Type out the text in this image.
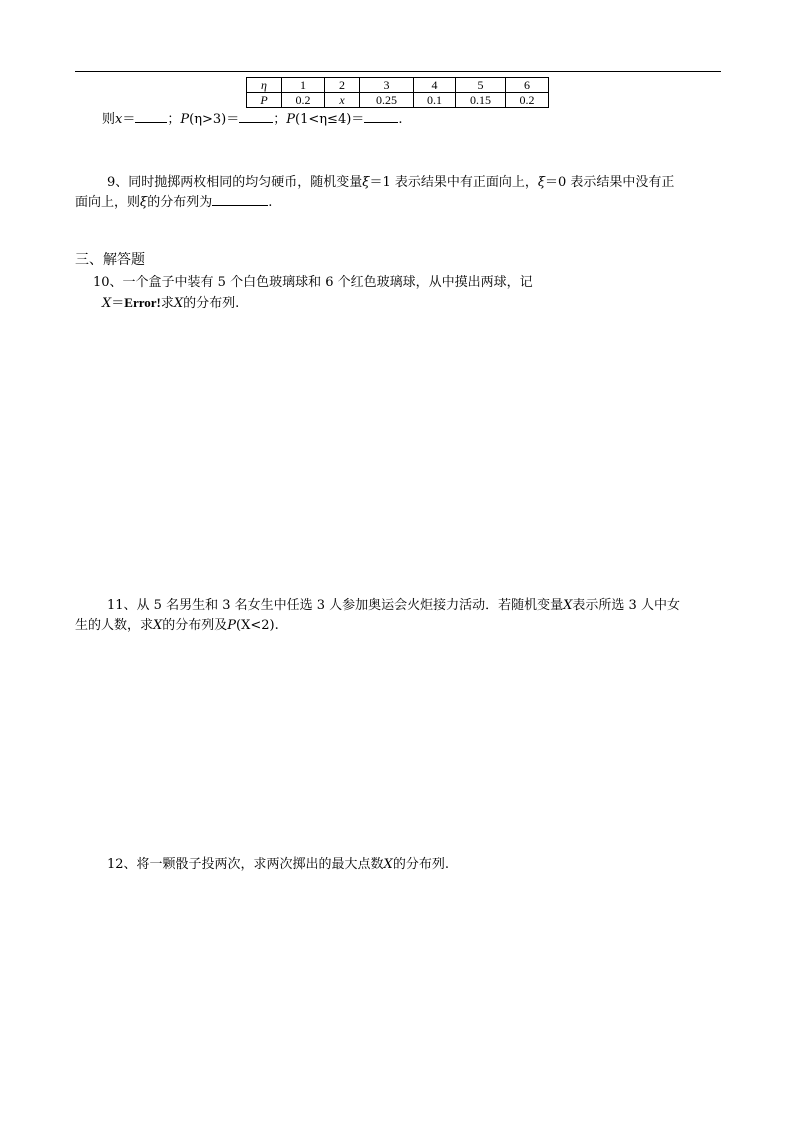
η	1	2	3	4	5	6
P	0.2	x	0.25	0.1	0.15	0.2
则x＝ ；P(η>3)＝	；P(1<η≤4)＝	.
9、同时抛掷两枚相同的均匀硬币，随机变量ξ＝1 表示结果中有正面向上，ξ＝0 表示结果中没有正
面向上，则ξ的分布列为	.
三、解答题
10、一个盒子中装有 5 个白色玻璃球和 6 个红色玻璃球，从中摸出两球，记
X＝Error!求X的分布列.
11、从 5 名男生和 3 名女生中任选 3 人参加奥运会火炬接力活动．若随机变量X表示所选 3 人中女
生的人数，求X的分布列及P(X<2).
12、将一颗骰子投两次，求两次掷出的最大点数X的分布列.
